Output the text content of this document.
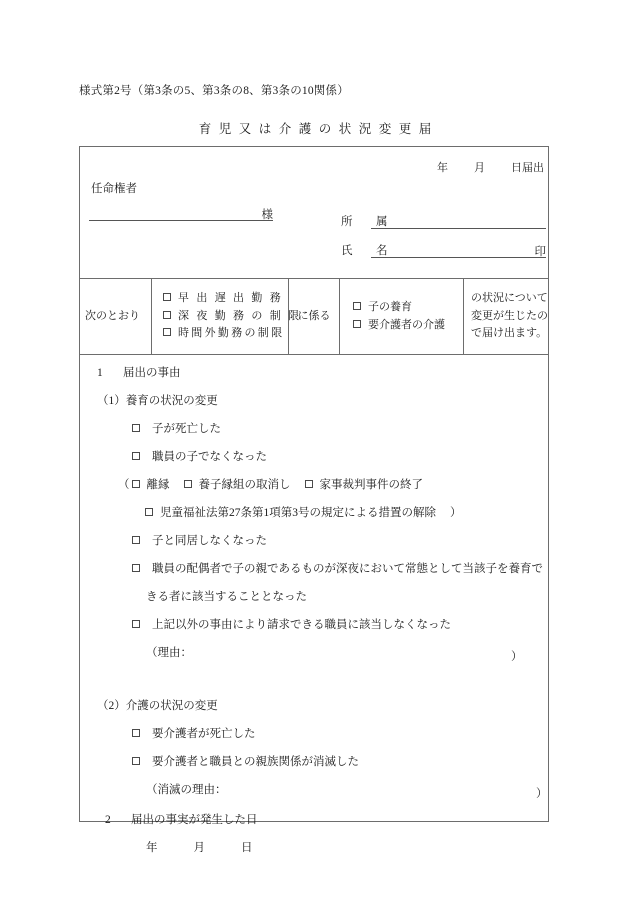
様式第2号（第3条の5、第3条の8、第3条の10関係）
育児又は介護の状況変更届
年 月 日届出
任命権者
様
所　属
氏　名	印
次のとおり
早 出 遅 出 勤 務
深 夜 勤 務 の 制 限
時間外勤務の制限
に係る
子の養育
要介護者の介護
の状況について
変更が生じたの
で届け出ます。
1 届出の事由
（1）養育の状況の変更
子が死亡した
職員の子でなくなった
（ 離縁	養子縁組の取消し	家事裁判事件の終了
児童福祉法第27条第1項第3号の規定による措置の解除 ）
子と同居しなくなった
職員の配偶者で子の親であるものが深夜において常態として当該子を養育で
きる者に該当することとなった
上記以外の事由により請求できる職員に該当しなくなった
（理由：	）
（2）介護の状況の変更
要介護者が死亡した
要介護者と職員との親族関係が消滅した
（消滅の理由：	）
2 届出の事実が発生した日
年	月	日
